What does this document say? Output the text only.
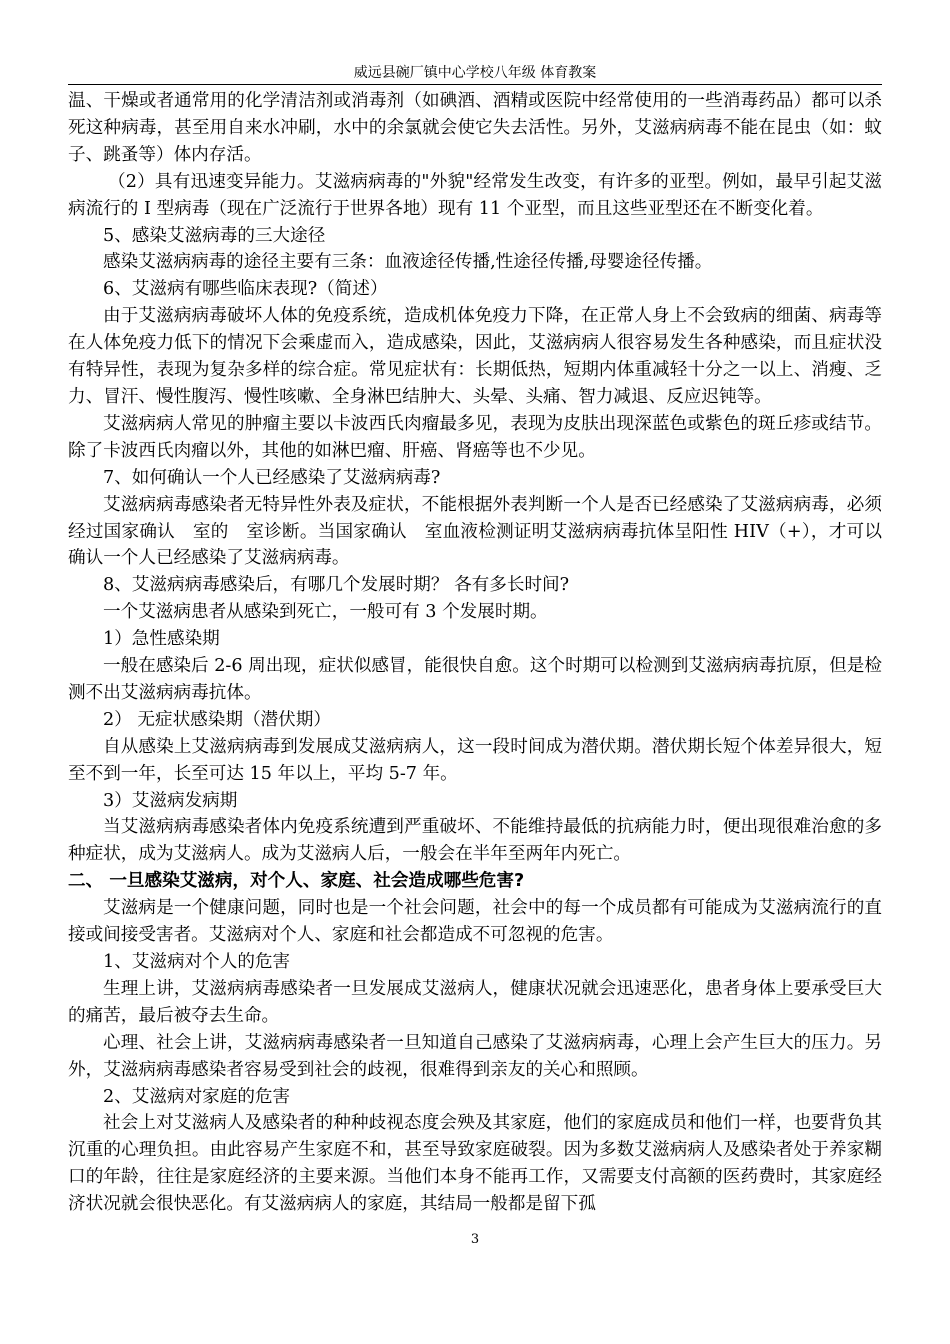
威远县碗厂镇中心学校八年级 体育教案

温、干燥或者通常用的化学清洁剂或消毒剂（如碘酒、酒精或医院中经常使用的一些消毒药品）都可以杀死这种病毒，甚至用自来水冲刷，水中的余氯就会使它失去活性。另外，艾滋病病毒不能在昆虫（如：蚊子、跳蚤等）体内存活。

（2）具有迅速变异能力。艾滋病病毒的"外貌"经常发生改变，有许多的亚型。例如，最早引起艾滋病流行的 I 型病毒（现在广泛流行于世界各地）现有 11 个亚型，而且这些亚型还在不断变化着。

5、感染艾滋病毒的三大途径

感染艾滋病病毒的途径主要有三条：血液途径传播,性途径传播,母婴途径传播。

6、艾滋病有哪些临床表现?（简述）

由于艾滋病病毒破坏人体的免疫系统，造成机体免疫力下降，在正常人身上不会致病的细菌、病毒等在人体免疫力低下的情况下会乘虚而入，造成感染，因此，艾滋病病人很容易发生各种感染，而且症状没有特异性，表现为复杂多样的综合症。常见症状有：长期低热，短期内体重减轻十分之一以上、消瘦、乏力、冒汗、慢性腹泻、慢性咳嗽、全身淋巴结肿大、头晕、头痛、智力减退、反应迟钝等。

艾滋病病人常见的肿瘤主要以卡波西氏肉瘤最多见，表现为皮肤出现深蓝色或紫色的斑丘疹或结节。除了卡波西氏肉瘤以外，其他的如淋巴瘤、肝癌、肾癌等也不少见。

7、如何确认一个人已经感染了艾滋病病毒?

艾滋病病毒感染者无特异性外表及症状，不能根据外表判断一个人是否已经感染了艾滋病病毒，必须经过国家确认　室的　室诊断。当国家确认　室血液检测证明艾滋病病毒抗体呈阳性 HIV（+），才可以确认一个人已经感染了艾滋病病毒。

8、艾滋病病毒感染后，有哪几个发展时期？ 各有多长时间?

一个艾滋病患者从感染到死亡，一般可有 3 个发展时期。

1）急性感染期

一般在感染后 2-6 周出现，症状似感冒，能很快自愈。这个时期可以检测到艾滋病病毒抗原，但是检测不出艾滋病病毒抗体。

2） 无症状感染期（潜伏期）

自从感染上艾滋病病毒到发展成艾滋病病人，这一段时间成为潜伏期。潜伏期长短个体差异很大，短至不到一年，长至可达 15 年以上，平均 5-7 年。

3）艾滋病发病期

当艾滋病病毒感染者体内免疫系统遭到严重破坏、不能维持最低的抗病能力时，便出现很难治愈的多种症状，成为艾滋病人。成为艾滋病人后，一般会在半年至两年内死亡。

二、 一旦感染艾滋病，对个人、家庭、社会造成哪些危害?

艾滋病是一个健康问题，同时也是一个社会问题，社会中的每一个成员都有可能成为艾滋病流行的直接或间接受害者。艾滋病对个人、家庭和社会都造成不可忽视的危害。

1、艾滋病对个人的危害

生理上讲，艾滋病病毒感染者一旦发展成艾滋病人，健康状况就会迅速恶化，患者身体上要承受巨大的痛苦，最后被夺去生命。

心理、社会上讲，艾滋病病毒感染者一旦知道自己感染了艾滋病病毒，心理上会产生巨大的压力。另外，艾滋病病毒感染者容易受到社会的歧视，很难得到亲友的关心和照顾。

2、艾滋病对家庭的危害

社会上对艾滋病人及感染者的种种歧视态度会殃及其家庭，他们的家庭成员和他们一样，也要背负其沉重的心理负担。由此容易产生家庭不和，甚至导致家庭破裂。因为多数艾滋病病人及感染者处于养家糊口的年龄，往往是家庭经济的主要来源。当他们本身不能再工作，又需要支付高额的医药费时，其家庭经济状况就会很快恶化。有艾滋病病人的家庭，其结局一般都是留下孤

3
